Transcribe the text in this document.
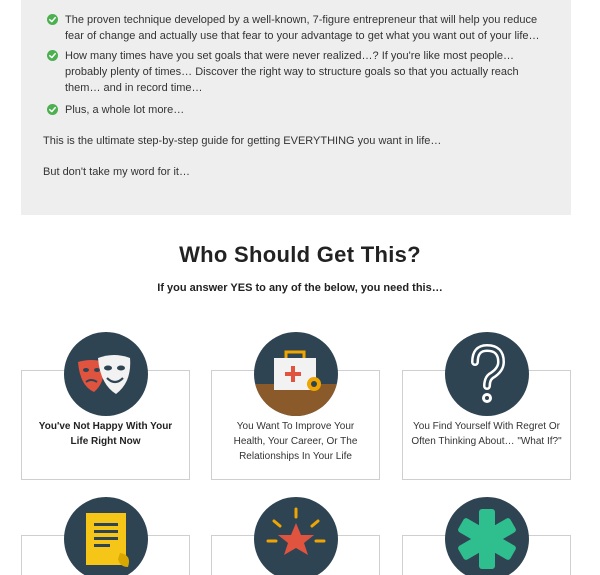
The proven technique developed by a well-known, 7-figure entrepreneur that will help you reduce fear of change and actually use that fear to your advantage to get what you want out of your life…
How many times have you set goals that were never realized…? If you're like most people… probably plenty of times… Discover the right way to structure goals so that you actually reach them… and in record time…
Plus, a whole lot more…
This is the ultimate step-by-step guide for getting EVERYTHING you want in life…
But don't take my word for it…
Who Should Get This?
If you answer YES to any of the below, you need this…
You've Not Happy With Your Life Right Now
You Want To Improve Your Health, Your Career, Or The Relationships In Your Life
You Find Yourself With Regret Or Often Thinking About… "What If?"
